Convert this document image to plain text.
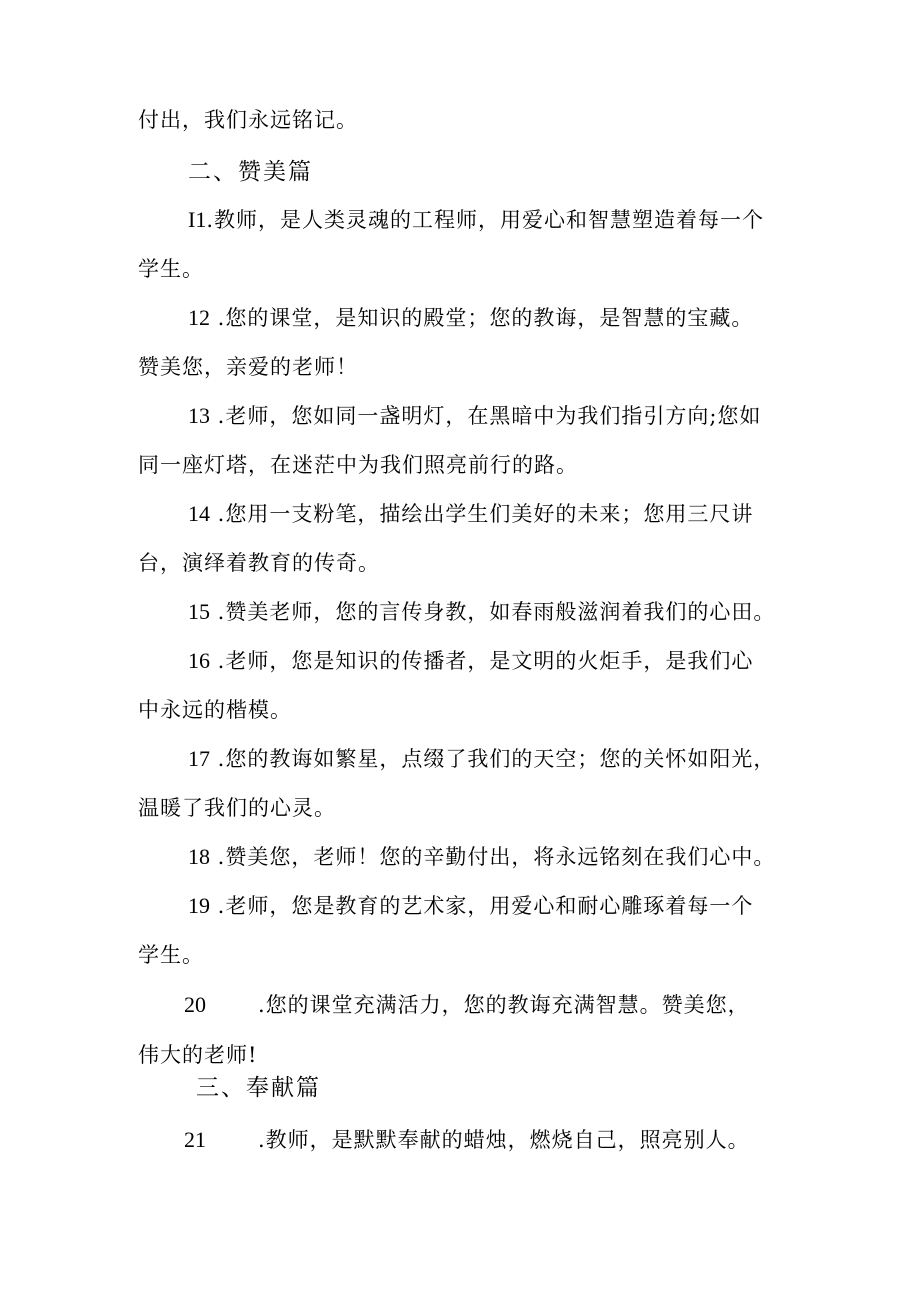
付出，我们永远铭记。
二、赞美篇
I1.教师，是人类灵魂的工程师，用爱心和智慧塑造着每一个
学生。
12 .您的课堂，是知识的殿堂；您的教诲，是智慧的宝藏。
赞美您，亲爱的老师！
13 .老师，您如同一盏明灯，在黑暗中为我们指引方向;您如
同一座灯塔，在迷茫中为我们照亮前行的路。
14 .您用一支粉笔，描绘出学生们美好的未来；您用三尺讲
台，演绎着教育的传奇。
15 .赞美老师，您的言传身教，如春雨般滋润着我们的心田。
16 .老师，您是知识的传播者，是文明的火炬手，是我们心
中永远的楷模。
17 .您的教诲如繁星，点缀了我们的天空；您的关怀如阳光，
温暖了我们的心灵。
18 .赞美您，老师！您的辛勤付出，将永远铭刻在我们心中。
19 .老师，您是教育的艺术家，用爱心和耐心雕琢着每一个
学生。
20 .您的课堂充满活力，您的教诲充满智慧。赞美您，
伟大的老师!
三、奉献篇
21 .教师，是默默奉献的蜡烛，燃烧自己，照亮别人。
